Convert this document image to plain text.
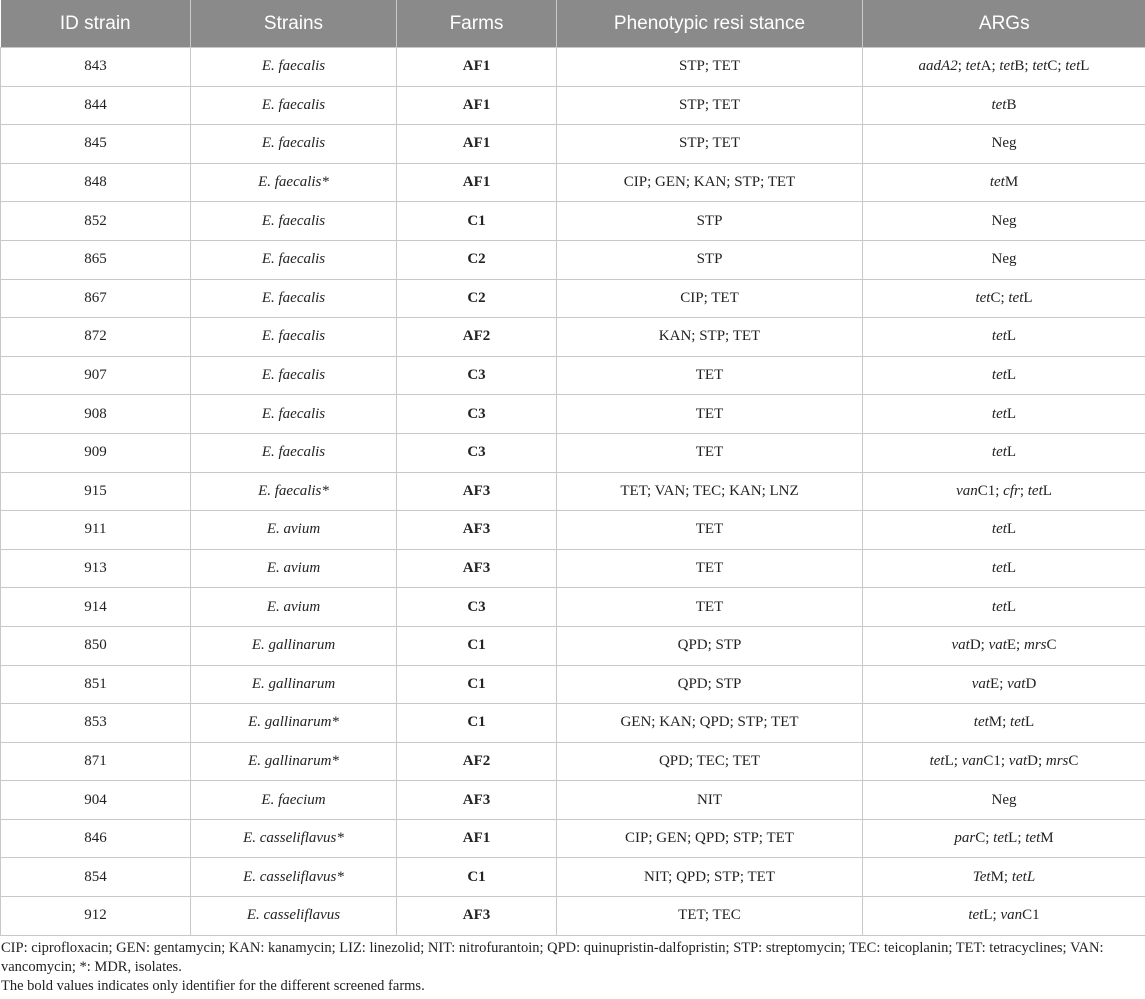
ID strain	Strains	Farms	Phenotypic resi stance	ARGs
843	E. faecalis	AF1	STP; TET	aadA2; tetA; tetB; tetC; tetL
844	E. faecalis	AF1	STP; TET	tetB
845	E. faecalis	AF1	STP; TET	Neg
848	E. faecalis*	AF1	CIP; GEN; KAN; STP; TET	tetM
852	E. faecalis	C1	STP	Neg
865	E. faecalis	C2	STP	Neg
867	E. faecalis	C2	CIP; TET	tetC; tetL
872	E. faecalis	AF2	KAN; STP; TET	tetL
907	E. faecalis	C3	TET	tetL
908	E. faecalis	C3	TET	tetL
909	E. faecalis	C3	TET	tetL
915	E. faecalis*	AF3	TET; VAN; TEC; KAN; LNZ	vanC1; cfr; tetL
911	E. avium	AF3	TET	tetL
913	E. avium	AF3	TET	tetL
914	E. avium	C3	TET	tetL
850	E. gallinarum	C1	QPD; STP	vatD; vatE; mrsC
851	E. gallinarum	C1	QPD; STP	vatE; vatD
853	E. gallinarum*	C1	GEN; KAN; QPD; STP; TET	tetM; tetL
871	E. gallinarum*	AF2	QPD; TEC; TET	tetL; vanC1; vatD; mrsC
904	E. faecium	AF3	NIT	Neg
846	E. casseliflavus*	AF1	CIP; GEN; QPD; STP; TET	parC; tetL; tetM
854	E. casseliflavus*	C1	NIT; QPD; STP; TET	TetM; tetL
912	E. casseliflavus	AF3	TET; TEC	tetL; vanC1

CIP: ciprofloxacin; GEN: gentamycin; KAN: kanamycin; LIZ: linezolid; NIT: nitrofurantoin; QPD: quinupristin-dalfopristin; STP: streptomycin; TEC: teicoplanin; TET: tetracyclines; VAN: vancomycin; *: MDR, isolates.

The bold values indicates only identifier for the different screened farms.
